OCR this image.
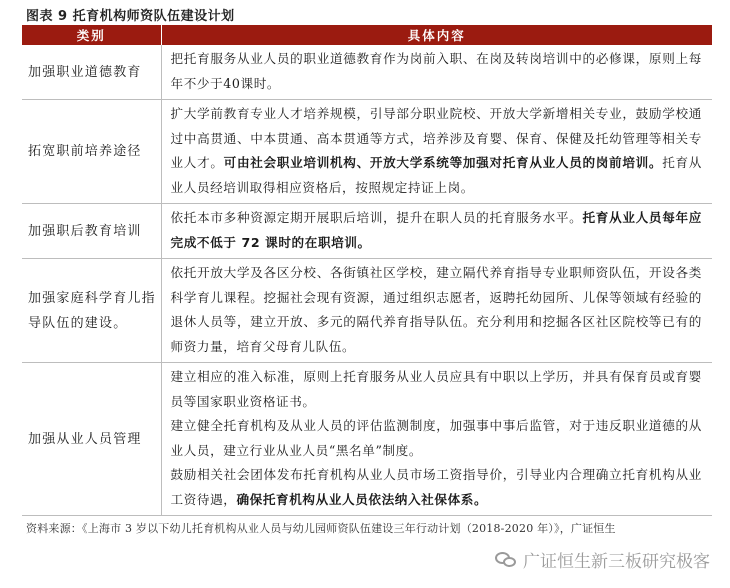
图表 9 托育机构师资队伍建设计划
类别	具体内容
加强职业道德教育	把托育服务从业人员的职业道德教育作为岗前入职、在岗及转岗培训中的必修课，原则上每年不少于40课时。

拓宽职前培养途径	扩大学前教育专业人才培养规模，引导部分职业院校、开放大学新增相关专业，鼓励学校通过中高贯通、中本贯通、高本贯通等方式，培养涉及育婴、保育、保健及托幼管理等相关专业人才。可由社会职业培训机构、开放大学系统等加强对托育从业人员的岗前培训。托育从业人员经培训取得相应资格后，按照规定持证上岗。

加强职后教育培训	依托本市多种资源定期开展职后培训，提升在职人员的托育服务水平。托育从业人员每年应完成不低于 72 课时的在职培训。

加强家庭科学育儿指导队伍的建设。	依托开放大学及各区分校、各街镇社区学校，建立隔代养育指导专业职师资队伍，开设各类科学育儿课程。挖掘社会现有资源，通过组织志愿者，返聘托幼园所、儿保等领域有经验的退休人员等，建立开放、多元的隔代养育指导队伍。充分利用和挖掘各区社区院校等已有的师资力量，培育父母育儿队伍。

加强从业人员管理	建立相应的准入标准，原则上托育服务从业人员应具有中职以上学历，并具有保育员或育婴员等国家职业资格证书。

建立健全托育机构及从业人员的评估监测制度，加强事中事后监管，对于违反职业道德的从业人员，建立行业从业人员“黑名单”制度。

鼓励相关社会团体发布托育机构从业人员市场工资指导价，引导业内合理确立托育机构从业工资待遇，确保托育机构从业人员依法纳入社保体系。

资料来源：《上海市 3 岁以下幼儿托育机构从业人员与幼儿园师资队伍建设三年行动计划（2018-2020 年）》，广证恒生
广证恒生新三板研究极客
